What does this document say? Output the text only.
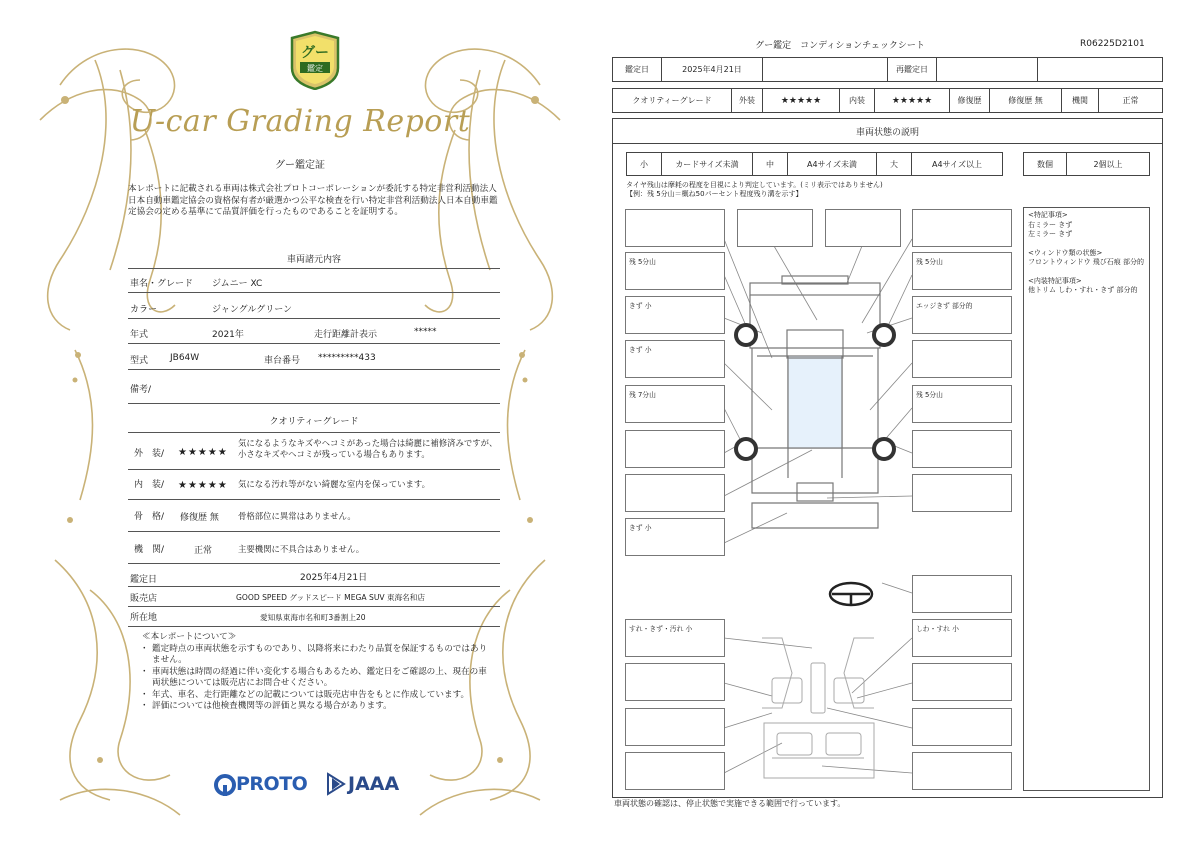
グー
鑑定
U-car Grading Report
グー鑑定証
本レポートに記載される車両は株式会社プロトコーポレーションが委託する特定非営利活動法人日本自動車鑑定協会の資格保有者が厳選かつ公平な検査を行い特定非営利活動法人日本自動車鑑定協会の定める基準にて品質評価を行ったものであることを証明する。
車両諸元内容
車名・グレード ジムニー XC
カラー	ジャングルグリーン
年式	2021年	走行距離計表示	*****
型式 JB64W	車台番号 *********433
備考/
クオリティーグレード
外　装/ ★★★★★
気になるようなキズやヘコミがあった場合は綺麗に補修済みですが、小さなキズやヘコミが残っている場合もあります。
内　装/ ★★★★★ 気になる汚れ等がない綺麗な室内を保っています。
骨　格/ 修復歴 無 骨格部位に異常はありません。
機　関/	正常	主要機関に不具合はありません。
鑑定日	2025年4月21日
販売店	GOOD SPEED グッドスピード MEGA SUV 東海名和店
所在地	愛知県東海市名和町3番割上20
≪本レポートについて≫
・ 鑑定時点の車両状態を示すものであり、以降将来にわたり品質を保証するものではありません。
・ 車両状態は時間の経過に伴い変化する場合もあるため、鑑定日をご確認の上、現在の車両状態については販売店にお問合せください。
・ 年式、車名、走行距離などの記載については販売店申告をもとに作成しています。
・ 評価については他検査機関等の評価と異なる場合があります。
PROTO JAAA
グー鑑定　コンディションチェックシート	R06225D2101
鑑定日	2025年4月21日	再鑑定日
クオリティーグレード	外装	★★★★★	内装	★★★★★	修復歴	修復歴 無	機関	正常
車両状態の説明
小	カードサイズ未満	中	A4サイズ未満	大	A4サイズ以上	数個	2個以上
タイヤ残山は摩耗の程度を目視により判定しています。(ミリ表示ではありません)
【例：残 5分山＝概ね50パーセント程度残り溝を示す】
残 5分山
きず 小
きず 小
残 7分山
きず 小
すれ・きず・汚れ 小
残 5分山
エッジきず 部分的
残 5分山
しわ・すれ 小
<特記事項>
右ミラー きず
左ミラー きず
<ウィンドウ類の状態>
フロントウィンドウ 飛び石痕 部分的
<内装特記事項>
他トリム しわ・すれ・きず 部分的
車両状態の確認は、停止状態で実施できる範囲で行っています。
